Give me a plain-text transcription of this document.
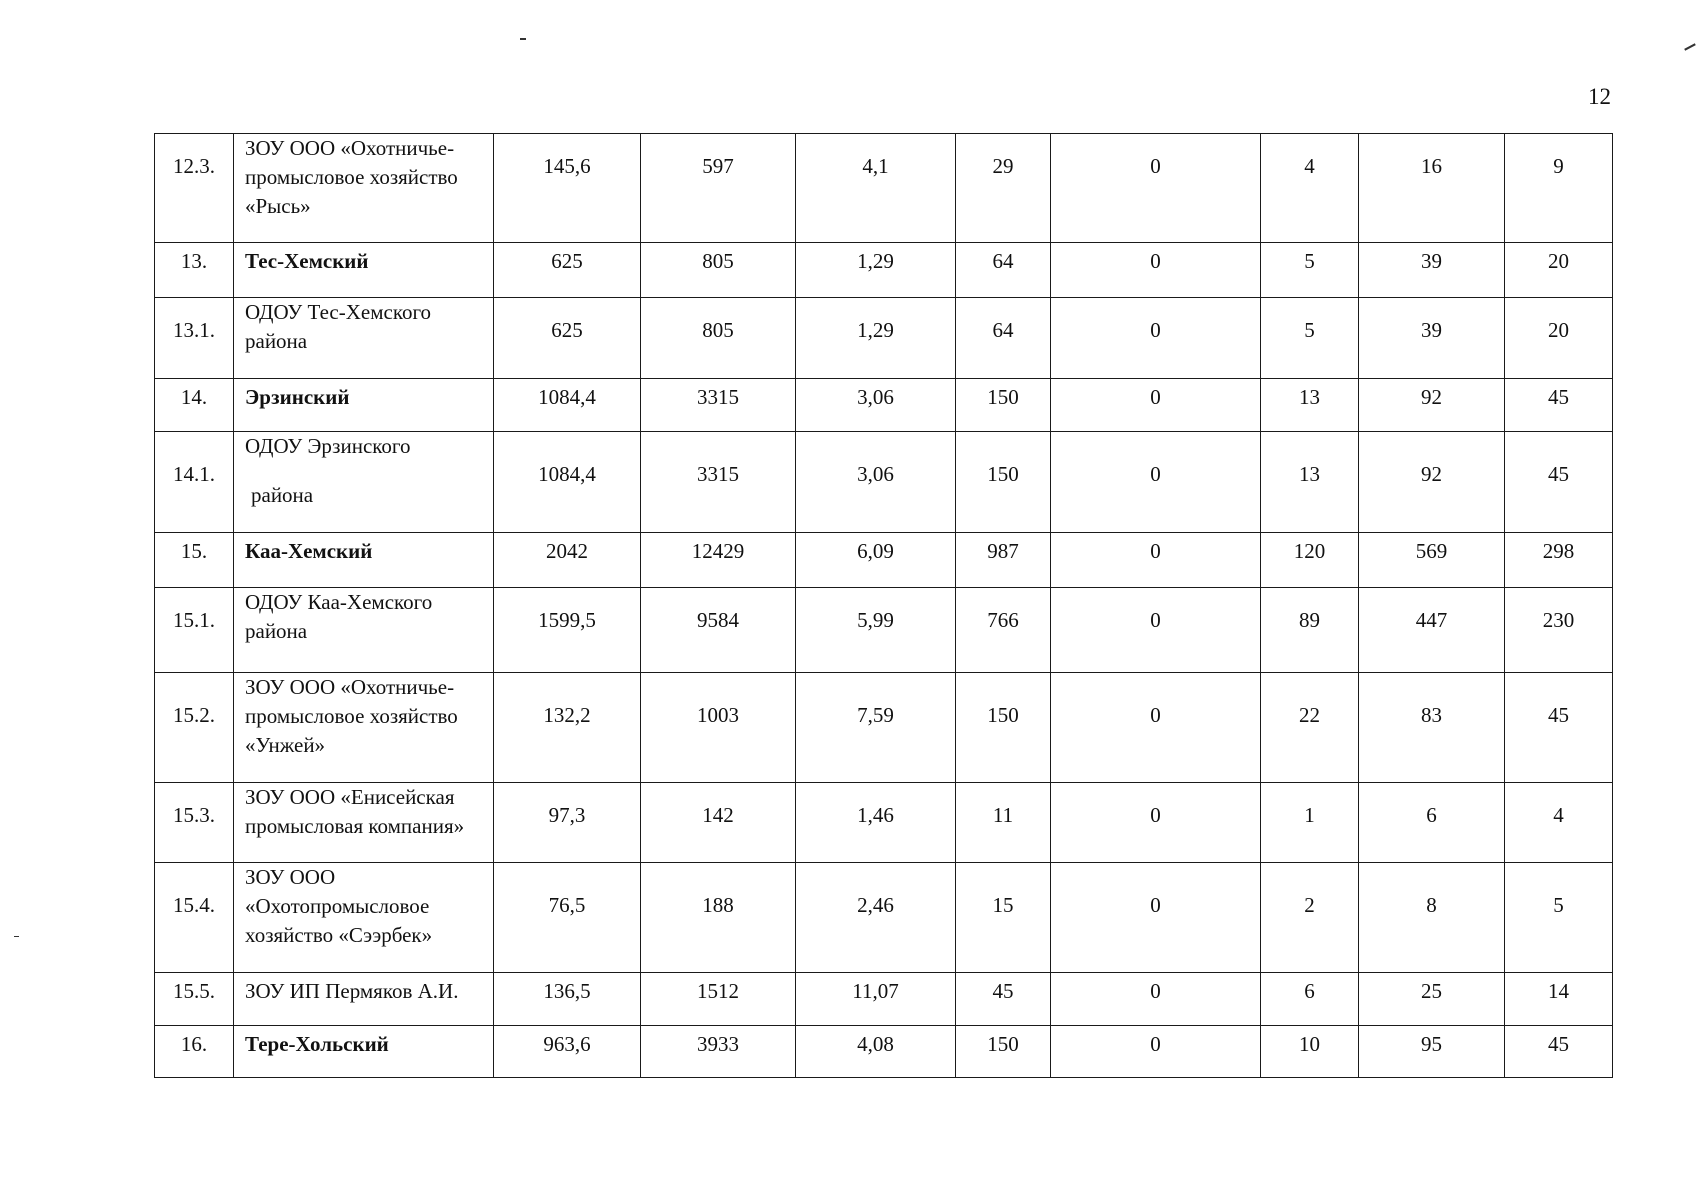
12
12.3.	ЗОУ ООО «Охотничье-
промысловое хозяйство
«Рысь»	145,6	597	4,1	29	0	4	16	9
13.	Тес-Хемский	625	805	1,29	64	0	5	39	20
13.1.	ОДОУ Тес-Хемского
района	625	805	1,29	64	0	5	39	20
14.	Эрзинский	1084,4	3315	3,06	150	0	13	92	45
14.1.	ОДОУ Эрзинского
района	1084,4	3315	3,06	150	0	13	92	45
15.	Каа-Хемский	2042	12429	6,09	987	0	120	569	298
15.1.	ОДОУ Каа-Хемского
района	1599,5	9584	5,99	766	0	89	447	230
15.2.	ЗОУ ООО «Охотничье-
промысловое хозяйство
«Унжей»	132,2	1003	7,59	150	0	22	83	45
15.3.	ЗОУ ООО «Енисейская
промысловая компания»	97,3	142	1,46	11	0	1	6	4
15.4.	ЗОУ ООО
«Охотопромысловое
хозяйство «Сээрбек»	76,5	188	2,46	15	0	2	8	5
15.5.	ЗОУ ИП Пермяков А.И.	136,5	1512	11,07	45	0	6	25	14
16.	Тере-Хольский	963,6	3933	4,08	150	0	10	95	45
